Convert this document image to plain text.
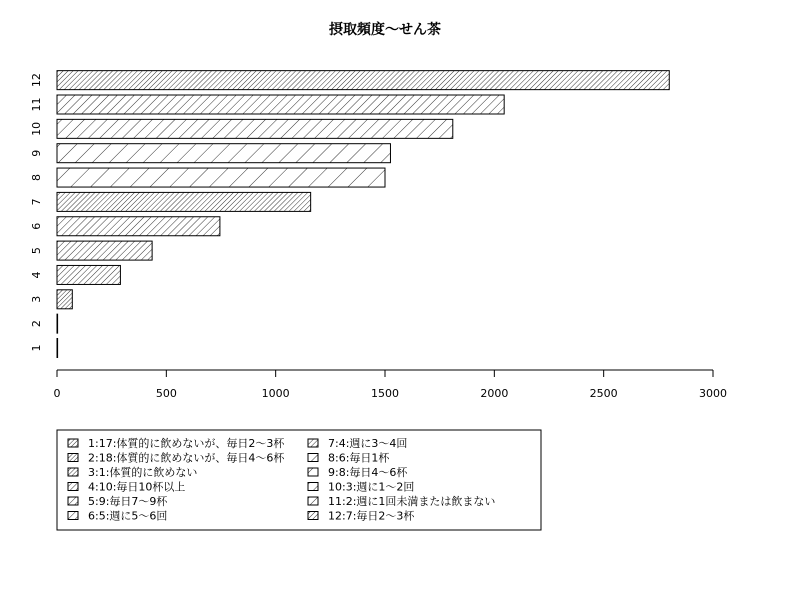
摂取頻度〜せん茶
0	500	1000	1500	2000	2500	3000
1
2
3
4
5
6
7
8
9
10
11
12
1:17:体質的に飲めないが、毎日2〜3杯
2:18:体質的に飲めないが、毎日4〜6杯
3:1:体質的に飲めない
4:10:毎日10杯以上
5:9:毎日7〜9杯
6:5:週に5〜6回
7:4:週に3〜4回
8:6:毎日1杯
9:8:毎日4〜6杯
10:3:週に1〜2回
11:2:週に1回未満または飲まない
12:7:毎日2〜3杯
